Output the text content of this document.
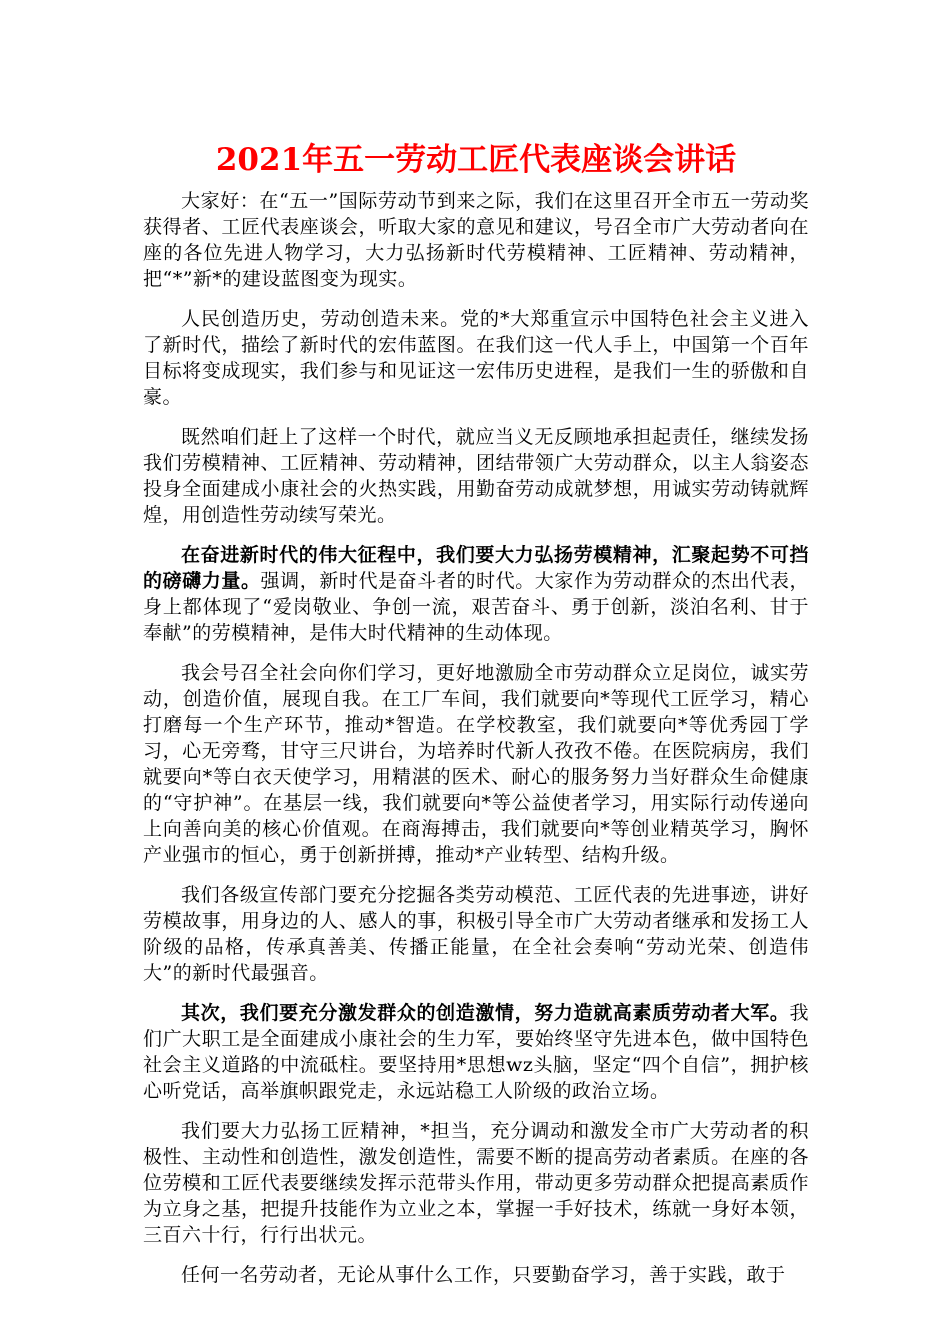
2021年五一劳动工匠代表座谈会讲话

大家好：在“五一”国际劳动节到来之际，我们在这里召开全市五一劳动奖获得者、工匠代表座谈会，听取大家的意见和建议，号召全市广大劳动者向在座的各位先进人物学习，大力弘扬新时代劳模精神、工匠精神、劳动精神，把“*”新*的建设蓝图变为现实。

人民创造历史，劳动创造未来。党的*大郑重宣示中国特色社会主义进入了新时代，描绘了新时代的宏伟蓝图。在我们这一代人手上，中国第一个百年目标将变成现实，我们参与和见证这一宏伟历史进程，是我们一生的骄傲和自豪。

既然咱们赶上了这样一个时代，就应当义无反顾地承担起责任，继续发扬我们劳模精神、工匠精神、劳动精神，团结带领广大劳动群众，以主人翁姿态投身全面建成小康社会的火热实践，用勤奋劳动成就梦想，用诚实劳动铸就辉煌，用创造性劳动续写荣光。

在奋进新时代的伟大征程中，我们要大力弘扬劳模精神，汇聚起势不可挡的磅礴力量。强调，新时代是奋斗者的时代。大家作为劳动群众的杰出代表，身上都体现了“爱岗敬业、争创一流，艰苦奋斗、勇于创新，淡泊名利、甘于奉献”的劳模精神，是伟大时代精神的生动体现。

我会号召全社会向你们学习，更好地激励全市劳动群众立足岗位，诚实劳动，创造价值，展现自我。在工厂车间，我们就要向*等现代工匠学习，精心打磨每一个生产环节，推动*智造。在学校教室，我们就要向*等优秀园丁学习，心无旁骛，甘守三尺讲台，为培养时代新人孜孜不倦。在医院病房，我们就要向*等白衣天使学习，用精湛的医术、耐心的服务努力当好群众生命健康的“守护神”。在基层一线，我们就要向*等公益使者学习，用实际行动传递向上向善向美的核心价值观。在商海搏击，我们就要向*等创业精英学习，胸怀产业强市的恒心，勇于创新拼搏，推动*产业转型、结构升级。

我们各级宣传部门要充分挖掘各类劳动模范、工匠代表的先进事迹，讲好劳模故事，用身边的人、感人的事，积极引导全市广大劳动者继承和发扬工人阶级的品格，传承真善美、传播正能量，在全社会奏响“劳动光荣、创造伟大”的新时代最强音。

其次，我们要充分激发群众的创造激情，努力造就高素质劳动者大军。我们广大职工是全面建成小康社会的生力军，要始终坚守先进本色，做中国特色社会主义道路的中流砥柱。要坚持用*思想wz头脑，坚定“四个自信”，拥护核心听党话，高举旗帜跟党走，永远站稳工人阶级的政治立场。

我们要大力弘扬工匠精神，*担当，充分调动和激发全市广大劳动者的积极性、主动性和创造性，激发创造性，需要不断的提高劳动者素质。在座的各位劳模和工匠代表要继续发挥示范带头作用，带动更多劳动群众把提高素质作为立身之基，把提升技能作为立业之本，掌握一手好技术，练就一身好本领，三百六十行，行行出状元。

任何一名劳动者，无论从事什么工作，只要勤奋学习，善于实践，敢于
